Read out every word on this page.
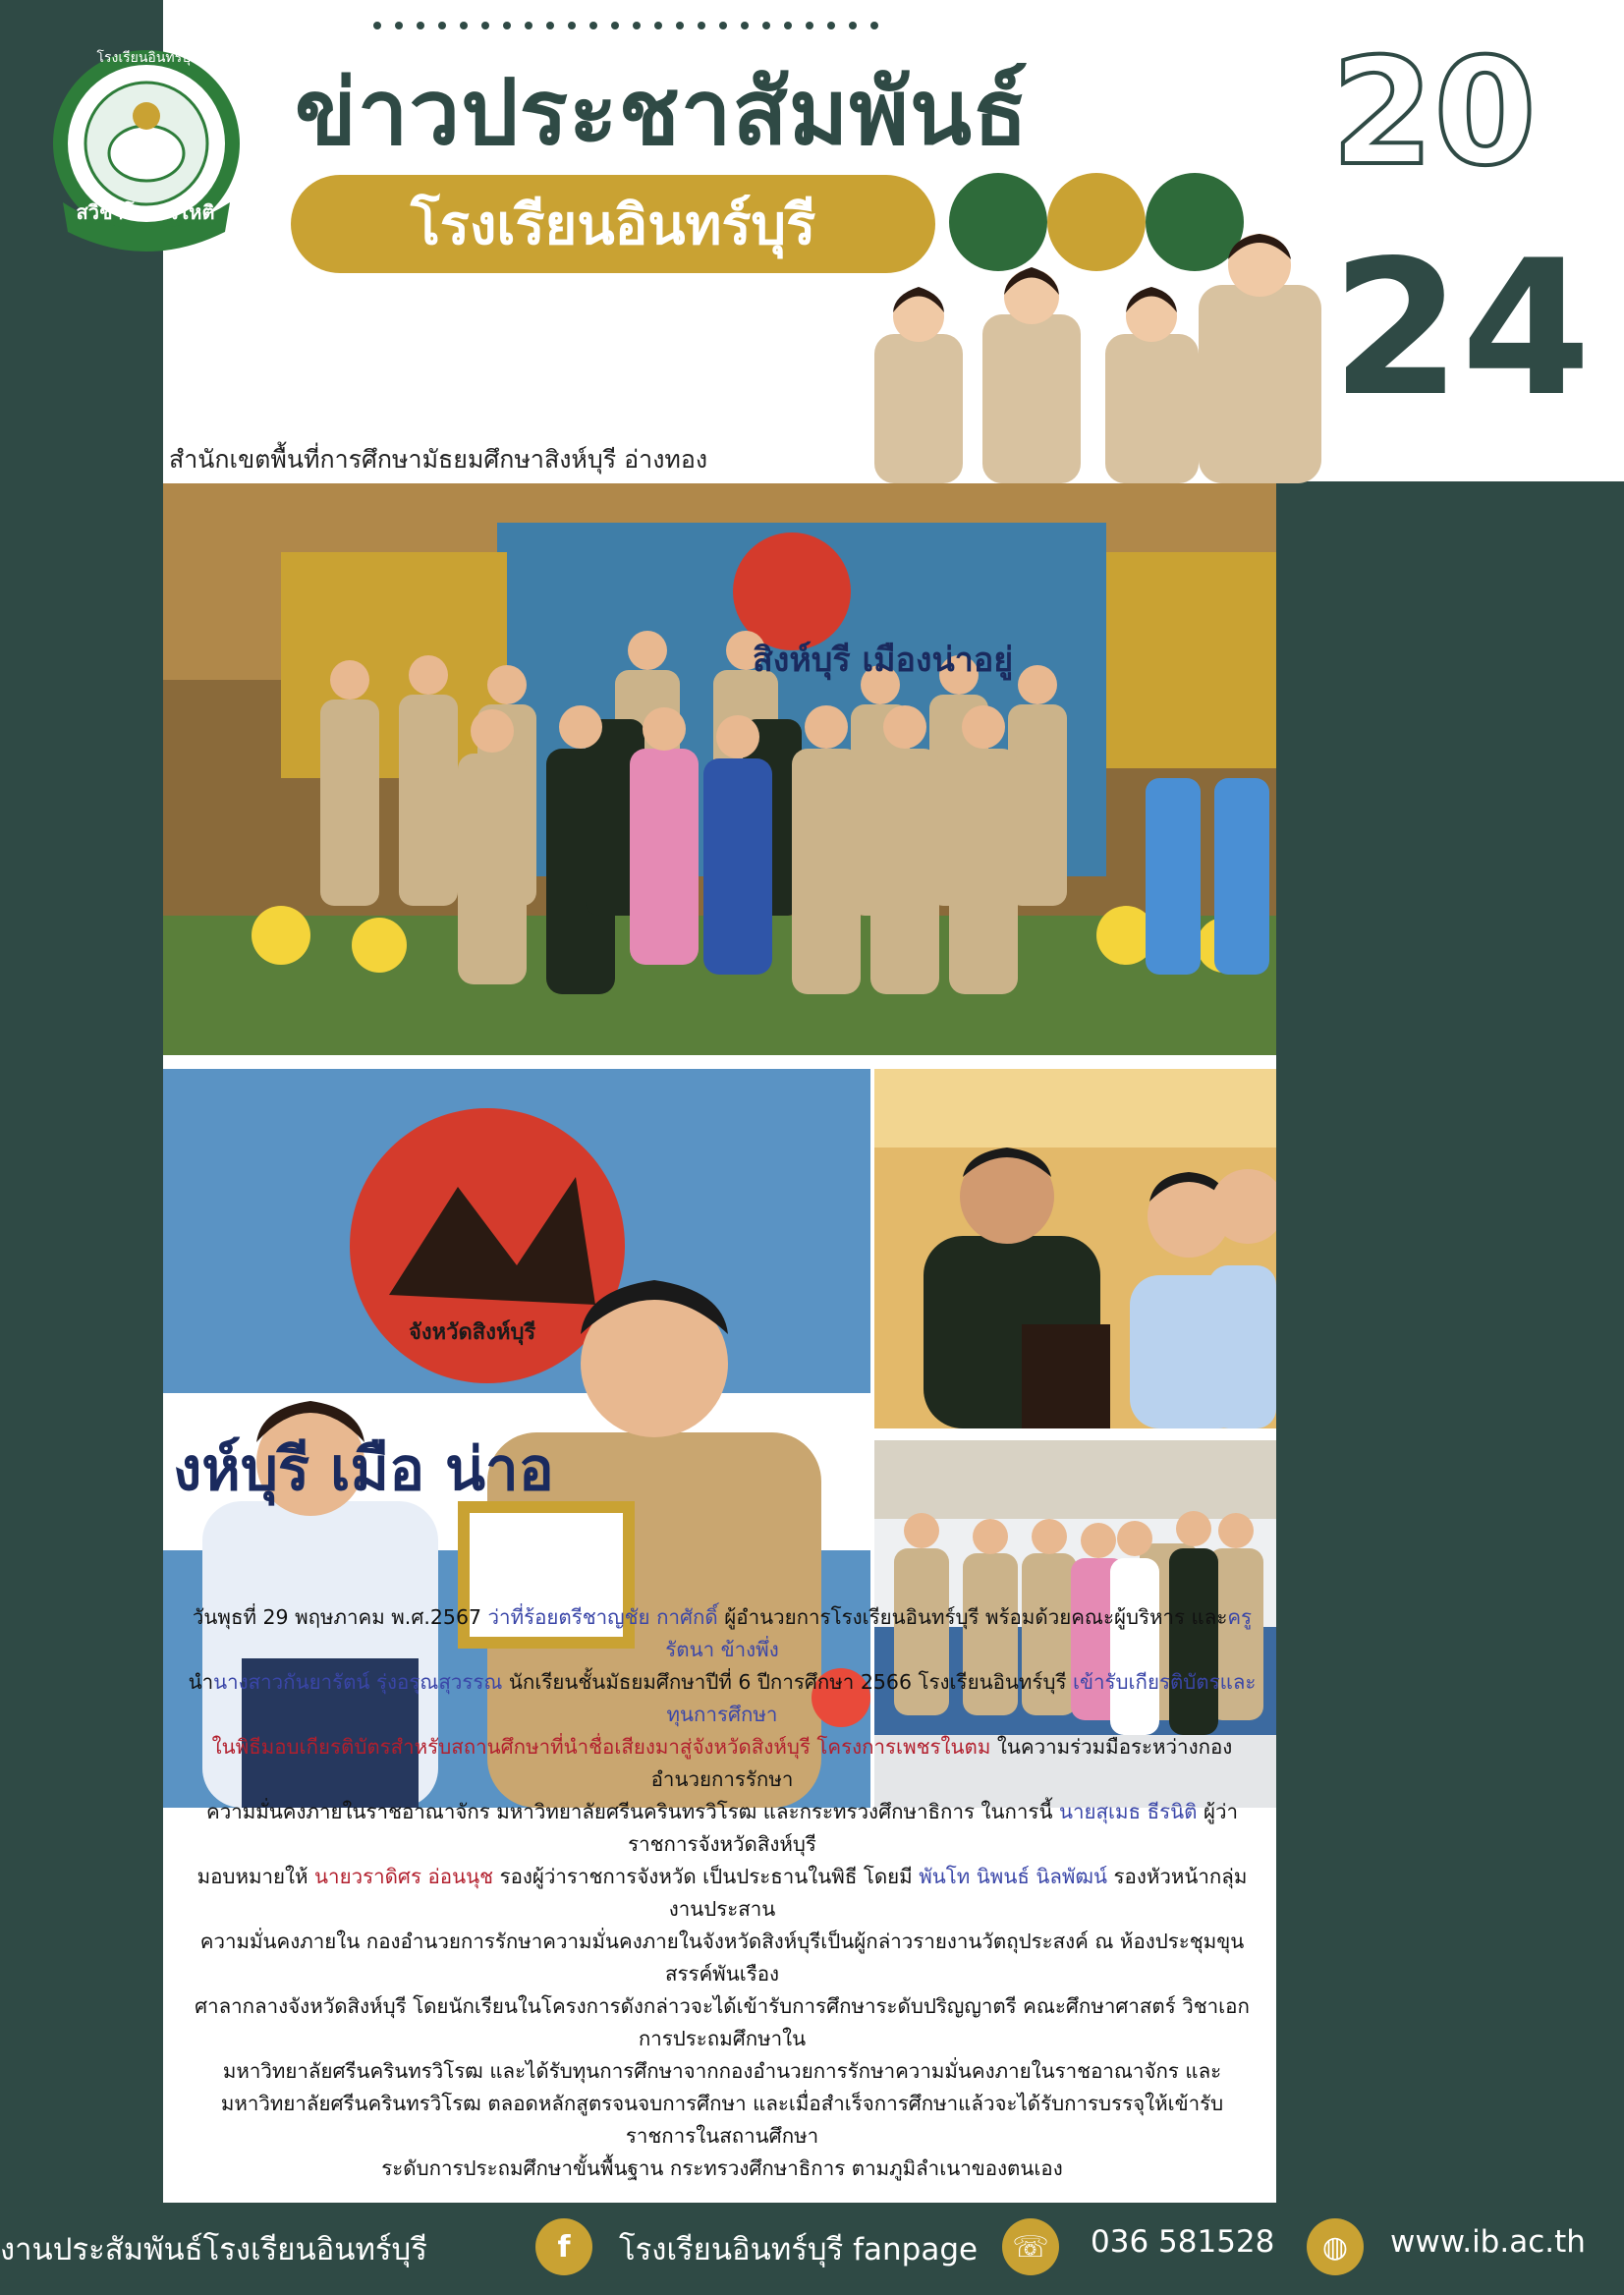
สวิชาโน ภวํโหติ
โรงเรียนอินทร์บุรี
ข่าวประชาสัมพันธ์
โรงเรียนอินทร์บุรี
20
24
สำนักเขตพื้นที่การศึกษามัธยมศึกษาสิงห์บุรี อ่างทอง
สิงห์บุรี เมืองน่าอยู่
งห์บุรี เมือ น่าอ
จังหวัดสิงห์บุรี
วันพุธที่ 29 พฤษภาคม พ.ศ.2567 ว่าที่ร้อยตรีชาญชัย กาศักดิ์ ผู้อำนวยการโรงเรียนอินทร์บุรี พร้อมด้วยคณะผู้บริหาร และครูรัตนา ข้างพึ่ง
นำนางสาวกันยารัตน์ รุ่งอรุณสุวรรณ นักเรียนชั้นมัธยมศึกษาปีที่ 6 ปีการศึกษา 2566 โรงเรียนอินทร์บุรี เข้ารับเกียรติบัตรและทุนการศึกษา
ในพิธีมอบเกียรติบัตรสำหรับสถานศึกษาที่นำชื่อเสียงมาสู่จังหวัดสิงห์บุรี โครงการเพชรในตม ในความร่วมมือระหว่างกองอำนวยการรักษา
ความมั่นคงภายในราชอาณาจักร มหาวิทยาลัยศรีนครินทรวิโรฒ และกระทรวงศึกษาธิการ ในการนี้ นายสุเมธ ธีรนิติ ผู้ว่าราชการจังหวัดสิงห์บุรี
มอบหมายให้ นายวราดิศร อ่อนนุช รองผู้ว่าราชการจังหวัด เป็นประธานในพิธี โดยมี พันโท นิพนธ์ นิลพัฒน์ รองหัวหน้ากลุ่มงานประสาน
ความมั่นคงภายใน กองอำนวยการรักษาความมั่นคงภายในจังหวัดสิงห์บุรีเป็นผู้กล่าวรายงานวัตถุประสงค์ ณ ห้องประชุมขุนสรรค์พันเรือง
ศาลากลางจังหวัดสิงห์บุรี โดยนักเรียนในโครงการดังกล่าวจะได้เข้ารับการศึกษาระดับปริญญาตรี คณะศึกษาศาสตร์ วิชาเอกการประถมศึกษาใน
มหาวิทยาลัยศรีนครินทรวิโรฒ และได้รับทุนการศึกษาจากกองอำนวยการรักษาความมั่นคงภายในราชอาณาจักร และ
มหาวิทยาลัยศรีนครินทรวิโรฒ ตลอดหลักสูตรจนจบการศึกษา และเมื่อสำเร็จการศึกษาแล้วจะได้รับการบรรจุให้เข้ารับราชการในสถานศึกษา
ระดับการประถมศึกษาขั้นพื้นฐาน กระทรวงศึกษาธิการ ตามภูมิลำเนาของตนเอง
งานประสัมพันธ์โรงเรียนอินทร์บุรี	f	โรงเรียนอินทร์บุรี fanpage	☏	036 581528	◍	www.ib.ac.th
